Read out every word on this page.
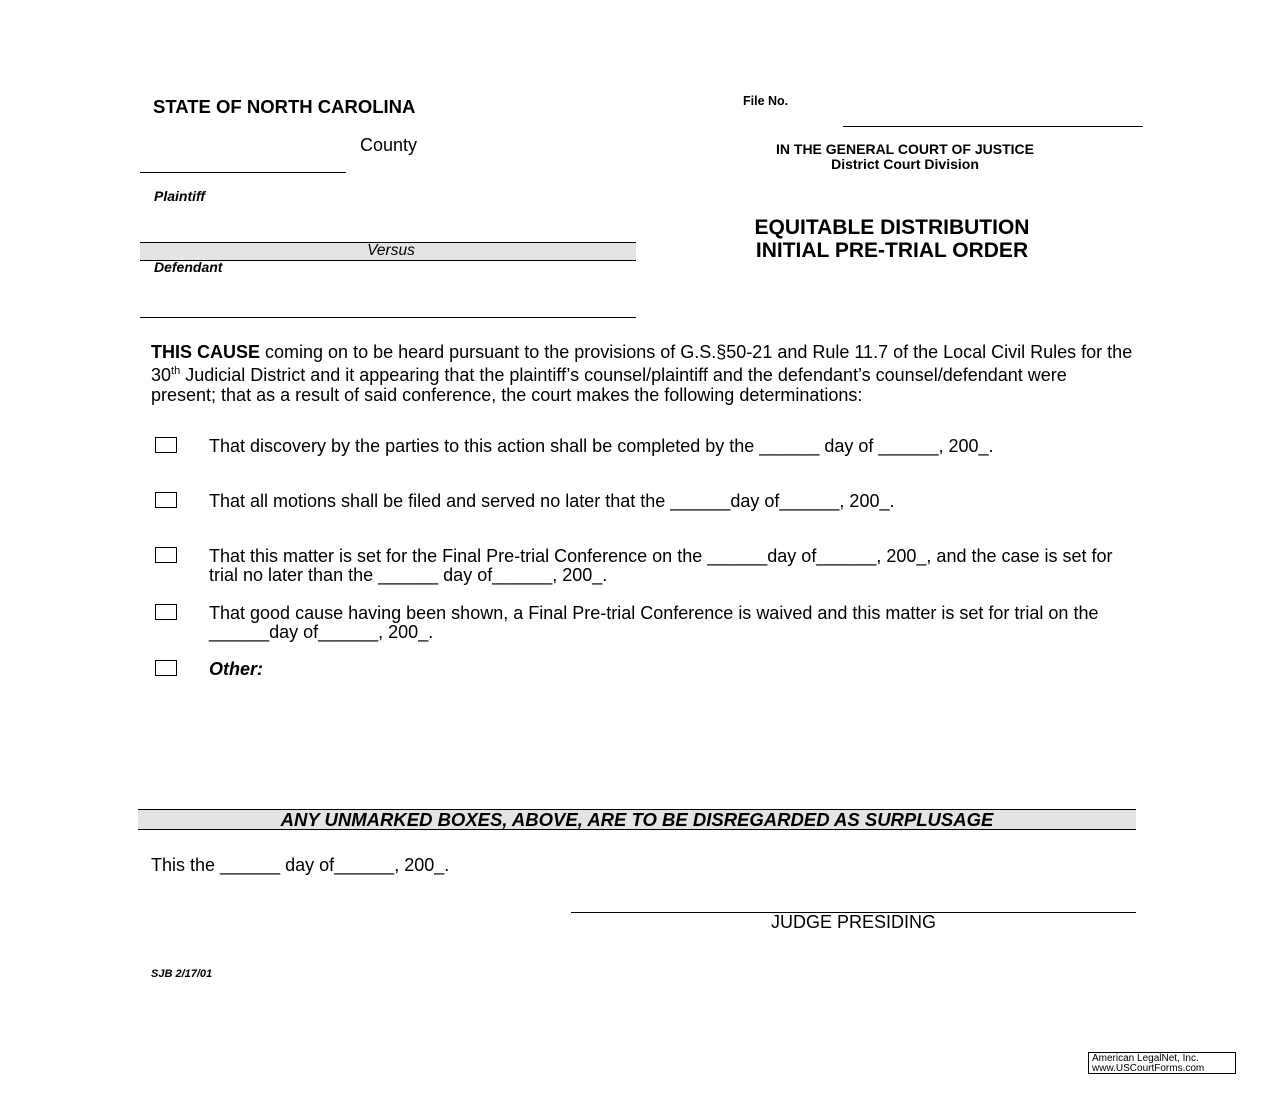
STATE OF NORTH CAROLINA	File No.
County	IN THE GENERAL COURT OF JUSTICE
District Court Division
Plaintiff
Versus
Defendant
EQUITABLE DISTRIBUTION
INITIAL PRE-TRIAL ORDER
THIS CAUSE coming on to be heard pursuant to the provisions of G.S.§50-21 and Rule 11.7 of the Local Civil Rules for the 30th Judicial District and it appearing that the plaintiff’s counsel/plaintiff and the defendant’s counsel/defendant were present; that as a result of said conference, the court makes the following determinations:
That discovery by the parties to this action shall be completed by the ______ day of ______, 200_.
That all motions shall be filed and served no later that the ______day of______, 200_.
That this matter is set for the Final Pre-trial Conference on the ______day of______, 200_, and the case is set for trial no later than the ______ day of______, 200_.
That good cause having been shown, a Final Pre-trial Conference is waived and this matter is set for trial on the ______day of______, 200_.
Other:
ANY UNMARKED BOXES, ABOVE, ARE TO BE DISREGARDED AS SURPLUSAGE
This the ______ day of______, 200_.
JUDGE PRESIDING
SJB 2/17/01
American LegalNet, Inc.
www.USCourtForms.com
